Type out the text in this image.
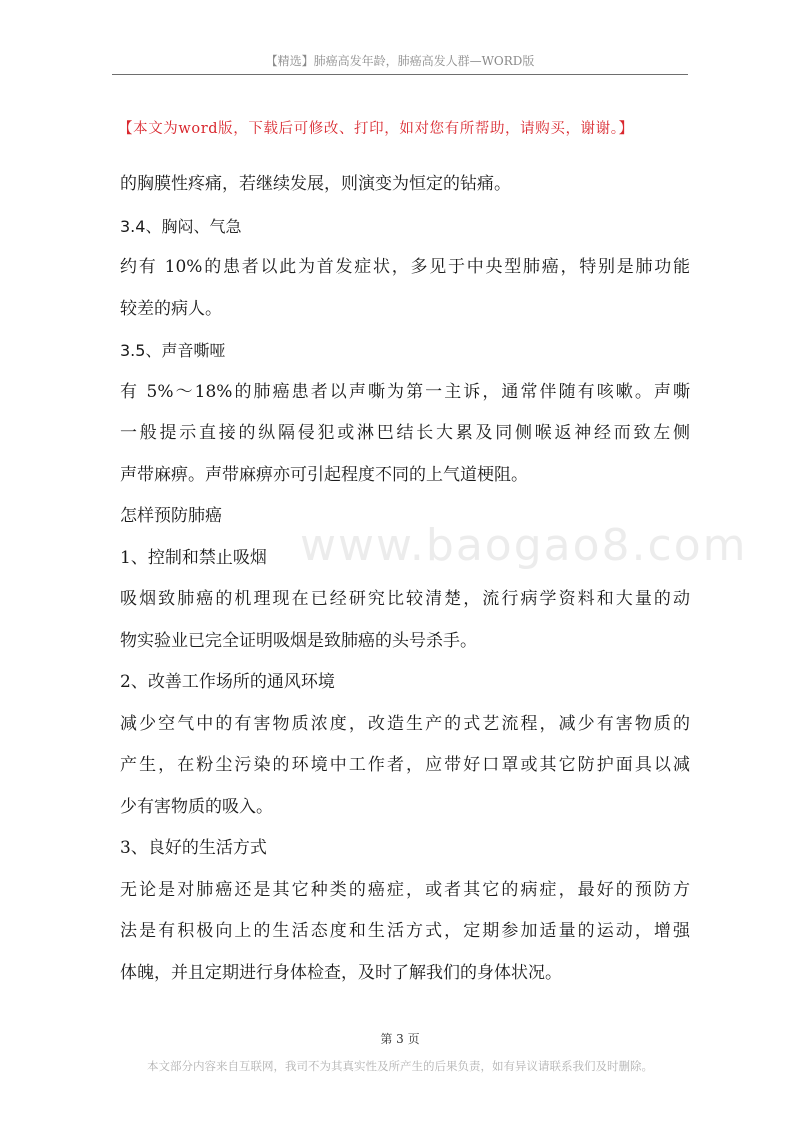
【精选】肺癌高发年龄，肺癌高发人群—WORD版
【本文为word版，下载后可修改、打印，如对您有所帮助，请购买，谢谢。】
www.baogao8.com
的胸膜性疼痛，若继续发展，则演变为恒定的钻痛。
3.4、胸闷、气急
约有 10%的患者以此为首发症状，多见于中央型肺癌，特别是肺功能
较差的病人。
3.5、声音嘶哑
有 5%～18%的肺癌患者以声嘶为第一主诉，通常伴随有咳嗽。声嘶
一般提示直接的纵隔侵犯或淋巴结长大累及同侧喉返神经而致左侧
声带麻痹。声带麻痹亦可引起程度不同的上气道梗阻。
怎样预防肺癌
1、控制和禁止吸烟
吸烟致肺癌的机理现在已经研究比较清楚，流行病学资料和大量的动
物实验业已完全证明吸烟是致肺癌的头号杀手。
2、改善工作场所的通风环境
减少空气中的有害物质浓度，改造生产的式艺流程，减少有害物质的
产生，在粉尘污染的环境中工作者，应带好口罩或其它防护面具以减
少有害物质的吸入。
3、良好的生活方式
无论是对肺癌还是其它种类的癌症，或者其它的病症，最好的预防方
法是有积极向上的生活态度和生活方式，定期参加适量的运动，增强
体魄，并且定期进行身体检查，及时了解我们的身体状况。
第 3 页
本文部分内容来自互联网，我司不为其真实性及所产生的后果负责，如有异议请联系我们及时删除。
